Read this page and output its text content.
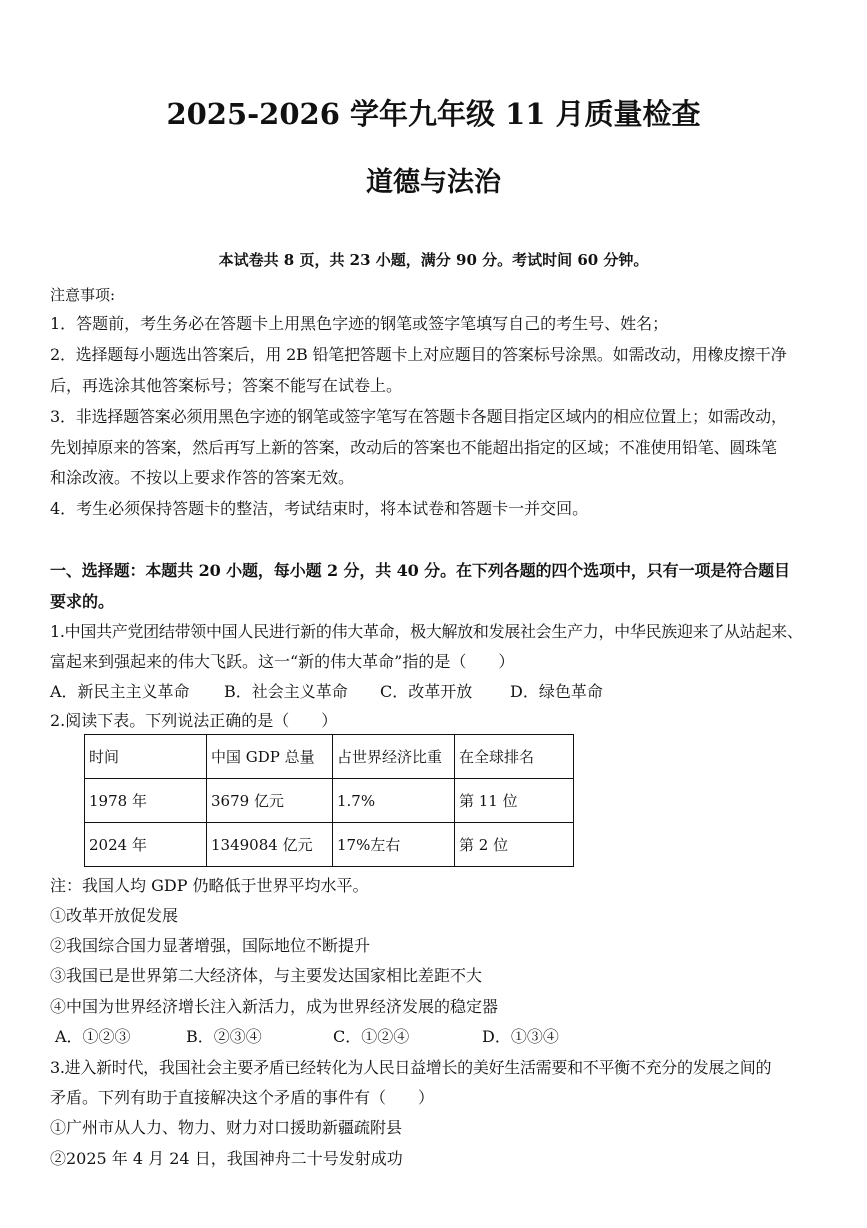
2025-2026 学年九年级 11 月质量检查
道德与法治
本试卷共 8 页，共 23 小题，满分 90 分。考试时间 60 分钟。
注意事项:
1．答题前，考生务必在答题卡上用黑色字迹的钢笔或签字笔填写自己的考生号、姓名；
2．选择题每小题选出答案后，用 2B 铅笔把答题卡上对应题目的答案标号涂黑。如需改动，用橡皮擦干净
后，再选涂其他答案标号；答案不能写在试卷上。
3．非选择题答案必须用黑色字迹的钢笔或签字笔写在答题卡各题目指定区域内的相应位置上；如需改动，
先划掉原来的答案，然后再写上新的答案，改动后的答案也不能超出指定的区域；不准使用铅笔、圆珠笔
和涂改液。不按以上要求作答的答案无效。
4．考生必须保持答题卡的整洁，考试结束时，将本试卷和答题卡一并交回。
一、选择题：本题共 20 小题，每小题 2 分，共 40 分。在下列各题的四个选项中，只有一项是符合题目
要求的。
1.中国共产党团结带领中国人民进行新的伟大革命，极大解放和发展社会生产力，中华民族迎来了从站起来、
富起来到强起来的伟大飞跃。这一“新的伟大革命”指的是（　　）
A．新民主主义革命 B．社会主义革命 C．改革开放 D．绿色革命
2.阅读下表。下列说法正确的是（　　）
时间	中国 GDP 总量	占世界经济比重	在全球排名
1978 年	3679 亿元	1.7%	第 11 位
2024 年	1349084 亿元	17%左右	第 2 位
注：我国人均 GDP 仍略低于世界平均水平。
①改革开放促发展
②我国综合国力显著增强，国际地位不断提升
③我国已是世界第二大经济体，与主要发达国家相比差距不大
④中国为世界经济增长注入新活力，成为世界经济发展的稳定器
A．①②③	B．②③④	C．①②④	D．①③④
3.进入新时代，我国社会主要矛盾已经转化为人民日益增长的美好生活需要和不平衡不充分的发展之间的
矛盾。下列有助于直接解决这个矛盾的事件有（　　）
①广州市从人力、物力、财力对口援助新疆疏附县
②2025 年 4 月 24 日，我国神舟二十号发射成功
